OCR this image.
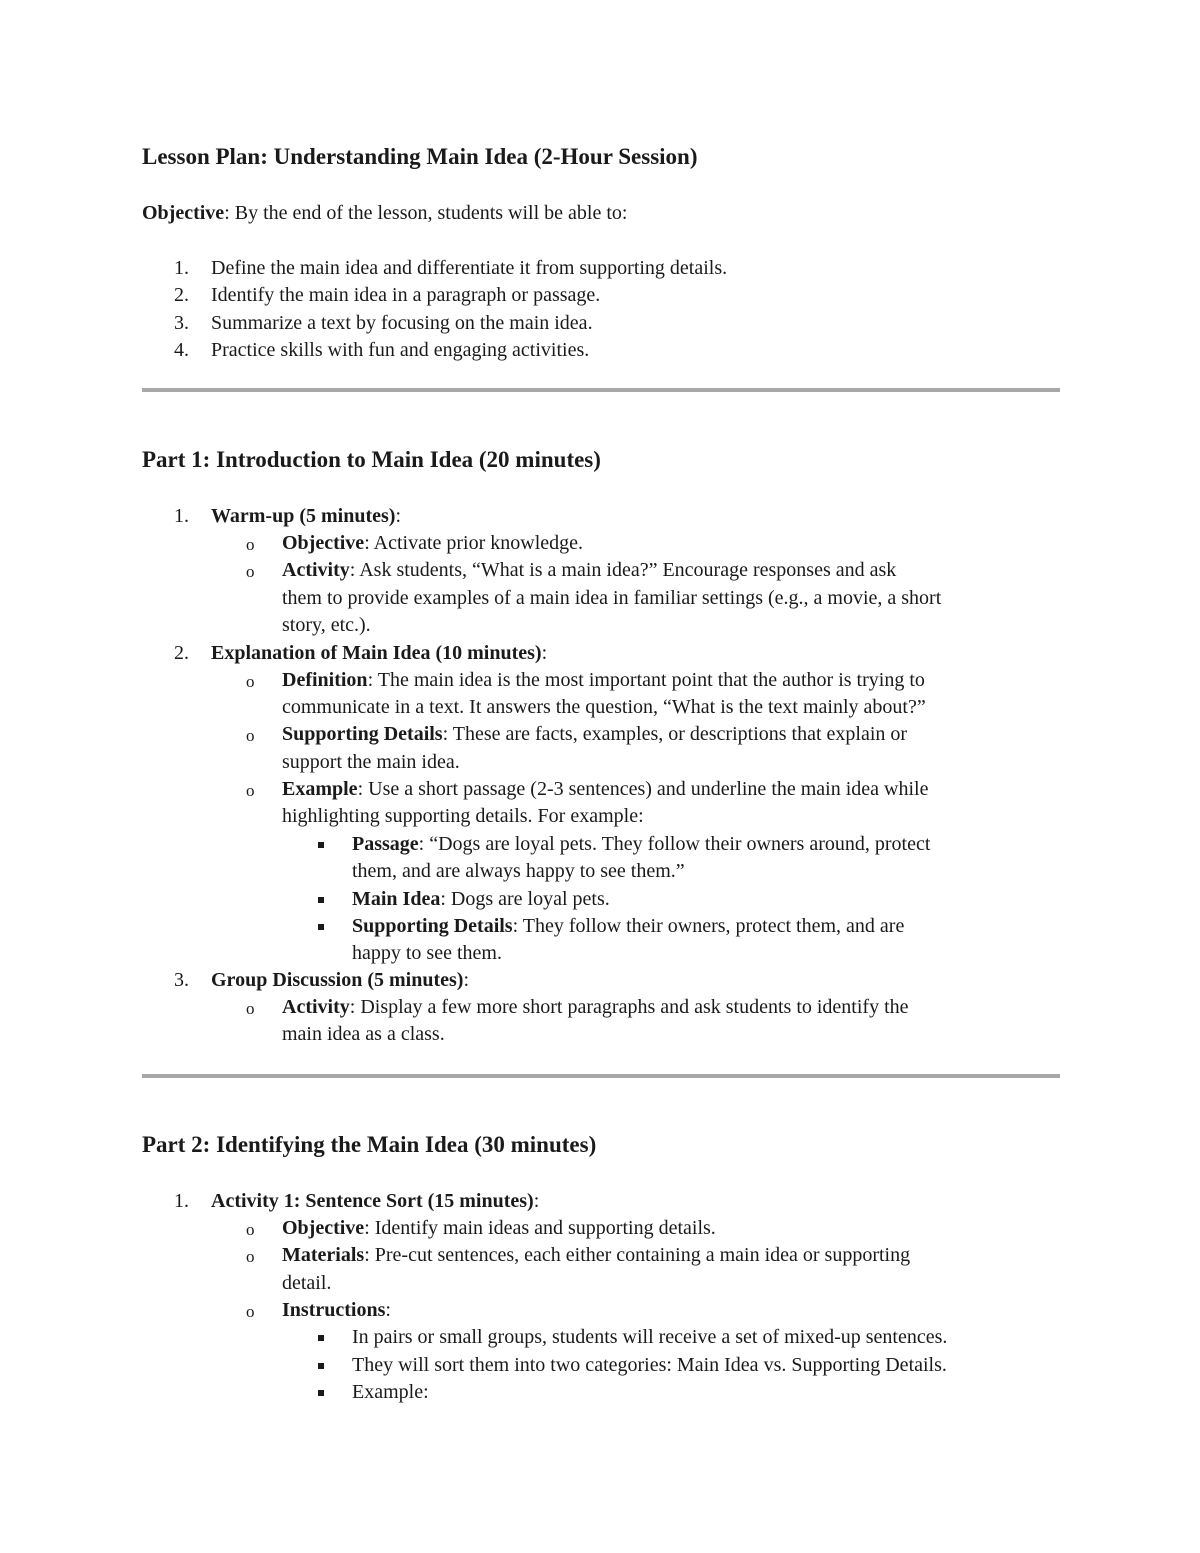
Lesson Plan: Understanding Main Idea (2-Hour Session)
Objective: By the end of the lesson, students will be able to:
1. Define the main idea and differentiate it from supporting details.
2. Identify the main idea in a paragraph or passage.
3. Summarize a text by focusing on the main idea.
4. Practice skills with fun and engaging activities.
Part 1: Introduction to Main Idea (20 minutes)
1. Warm-up (5 minutes):
o Objective: Activate prior knowledge.
o Activity: Ask students, “What is a main idea?” Encourage responses and ask
them to provide examples of a main idea in familiar settings (e.g., a movie, a short
story, etc.).
2. Explanation of Main Idea (10 minutes):
o Definition: The main idea is the most important point that the author is trying to
communicate in a text. It answers the question, “What is the text mainly about?”
o Supporting Details: These are facts, examples, or descriptions that explain or
support the main idea.
o Example: Use a short passage (2-3 sentences) and underline the main idea while
highlighting supporting details. For example:
Passage: “Dogs are loyal pets. They follow their owners around, protect
them, and are always happy to see them.”
Main Idea: Dogs are loyal pets.
Supporting Details: They follow their owners, protect them, and are
happy to see them.
3. Group Discussion (5 minutes):
o Activity: Display a few more short paragraphs and ask students to identify the
main idea as a class.
Part 2: Identifying the Main Idea (30 minutes)
1. Activity 1: Sentence Sort (15 minutes):
o Objective: Identify main ideas and supporting details.
o Materials: Pre-cut sentences, each either containing a main idea or supporting
detail.
o Instructions:
In pairs or small groups, students will receive a set of mixed-up sentences.
They will sort them into two categories: Main Idea vs. Supporting Details.
Example:
